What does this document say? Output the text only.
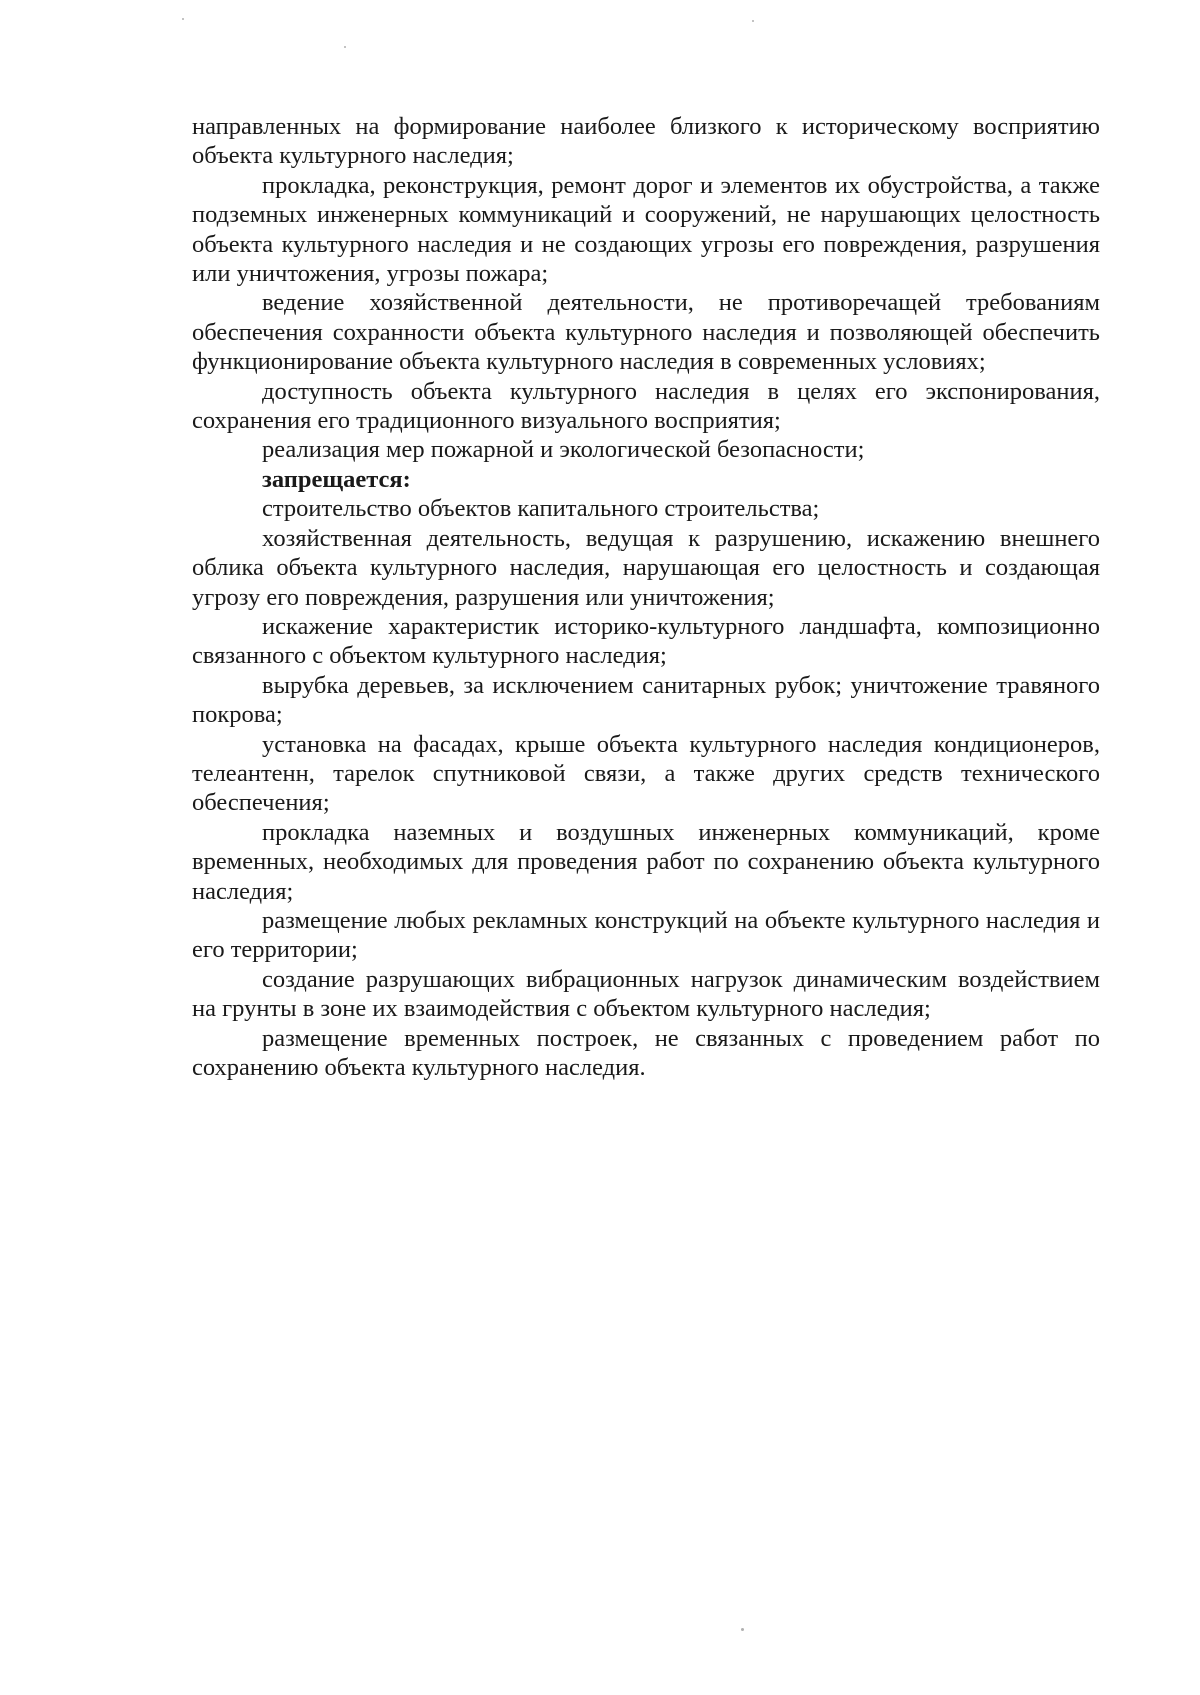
направленных на формирование наиболее близкого к историческому восприятию объекта культурного наследия;

прокладка, реконструкция, ремонт дорог и элементов их обустройства, а также подземных инженерных коммуникаций и сооружений, не нарушающих целостность объекта культурного наследия и не создающих угрозы его повреждения, разрушения или уничтожения, угрозы пожара;

ведение хозяйственной деятельности, не противоречащей требованиям обеспечения сохранности объекта культурного наследия и позволяющей обеспечить функционирование объекта культурного наследия в современных условиях;

доступность объекта культурного наследия в целях его экспонирования, сохранения его традиционного визуального восприятия;

реализация мер пожарной и экологической безопасности;

запрещается:

строительство объектов капитального строительства;

хозяйственная деятельность, ведущая к разрушению, искажению внешнего облика объекта культурного наследия, нарушающая его целостность и создающая угрозу его повреждения, разрушения или уничтожения;

искажение характеристик историко-культурного ландшафта, композиционно связанного с объектом культурного наследия;

вырубка деревьев, за исключением санитарных рубок; уничтожение травяного покрова;

установка на фасадах, крыше объекта культурного наследия кондиционеров, телеантенн, тарелок спутниковой связи, а также других средств технического обеспечения;

прокладка наземных и воздушных инженерных коммуникаций, кроме временных, необходимых для проведения работ по сохранению объекта культурного наследия;

размещение любых рекламных конструкций на объекте культурного наследия и его территории;

создание разрушающих вибрационных нагрузок динамическим воздействием на грунты в зоне их взаимодействия с объектом культурного наследия;

размещение временных построек, не связанных с проведением работ по сохранению объекта культурного наследия.
